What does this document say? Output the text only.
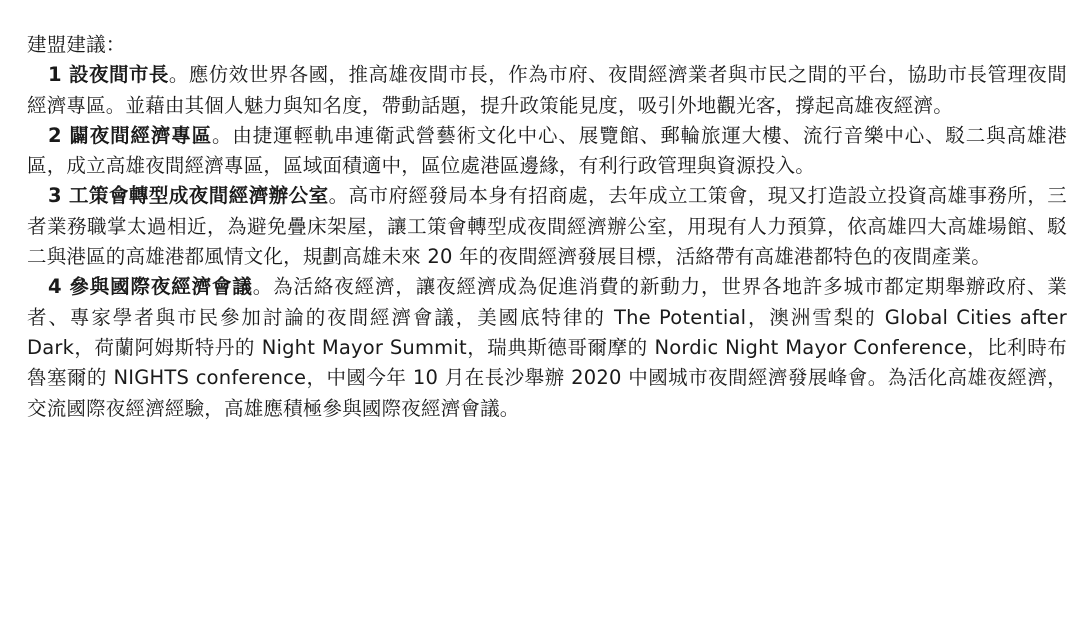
建盟建議：

1 設夜間市長。應仿效世界各國，推高雄夜間市長，作為市府、夜間經濟業者與市民之間的平台，協助市長管理夜間經濟專區。並藉由其個人魅力與知名度，帶動話題，提升政策能見度，吸引外地觀光客，撐起高雄夜經濟。

2 闢夜間經濟專區。由捷運輕軌串連衛武營藝術文化中心、展覽館、郵輪旅運大樓、流行音樂中心、駁二與高雄港區，成立高雄夜間經濟專區，區域面積適中，區位處港區邊緣，有利行政管理與資源投入。

3 工策會轉型成夜間經濟辦公室。高市府經發局本身有招商處，去年成立工策會，現又打造設立投資高雄事務所，三者業務職掌太過相近，為避免疊床架屋，讓工策會轉型成夜間經濟辦公室，用現有人力預算，依高雄四大高雄場館、駁二與港區的高雄港都風情文化，規劃高雄未來 20 年的夜間經濟發展目標，活絡帶有高雄港都特色的夜間產業。

4 參與國際夜經濟會議。為活絡夜經濟，讓夜經濟成為促進消費的新動力，世界各地許多城市都定期舉辦政府、業者、專家學者與市民參加討論的夜間經濟會議，美國底特律的 The Potential，澳洲雪梨的 Global Cities after Dark，荷蘭阿姆斯特丹的 Night Mayor Summit，瑞典斯德哥爾摩的 Nordic Night Mayor Conference，比利時布魯塞爾的 NIGHTS conference，中國今年 10 月在長沙舉辦 2020 中國城市夜間經濟發展峰會。為活化高雄夜經濟，交流國際夜經濟經驗，高雄應積極參與國際夜經濟會議。
